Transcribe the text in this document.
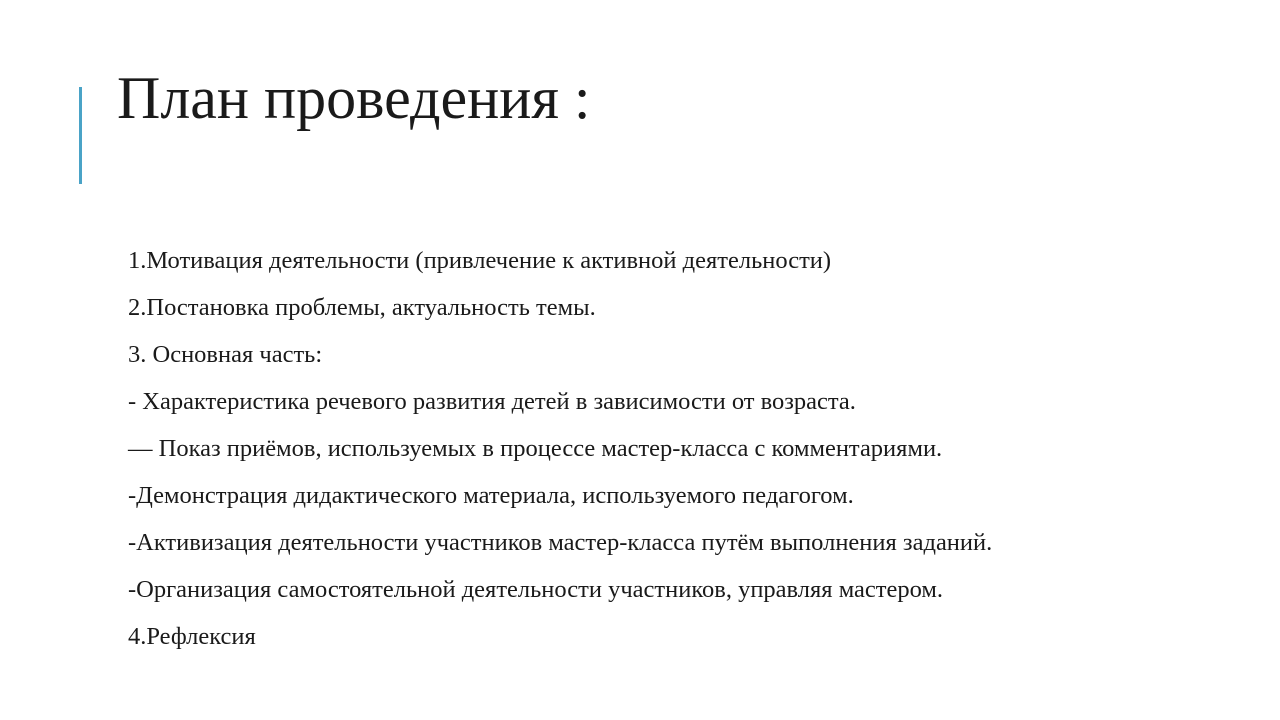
План проведения :
1.Мотивация деятельности (привлечение к активной деятельности)
2.Постановка проблемы, актуальность темы.
3. Основная часть:
- Характеристика речевого развития детей в зависимости от возраста.
— Показ приёмов, используемых в процессе мастер-класса с комментариями.
-Демонстрация дидактического материала, используемого педагогом.
-Активизация деятельности участников мастер-класса путём выполнения заданий.
-Организация самостоятельной деятельности участников, управляя мастером.
4.Рефлексия
